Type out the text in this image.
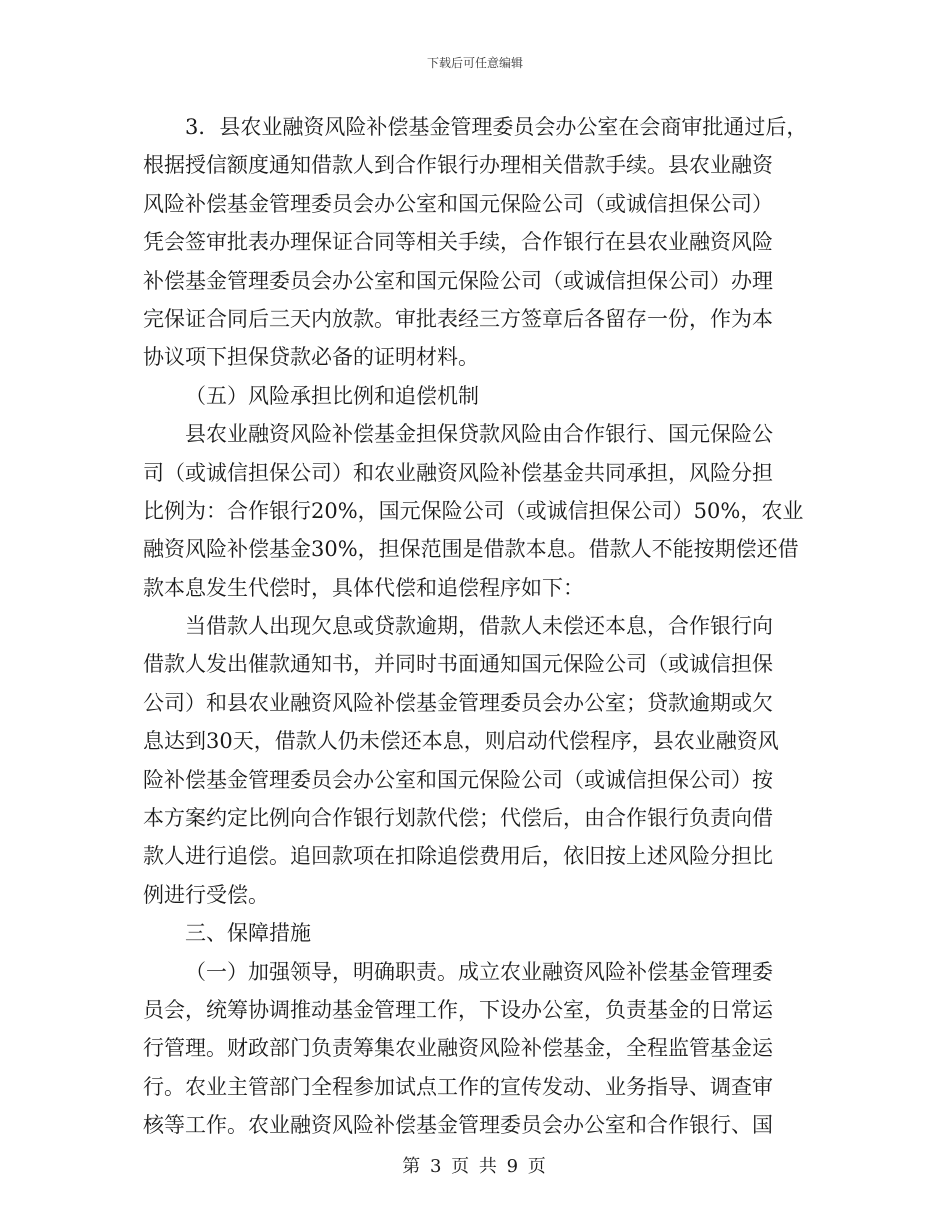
下载后可任意编辑
3．县农业融资风险补偿基金管理委员会办公室在会商审批通过后，
根据授信额度通知借款人到合作银行办理相关借款手续。县农业融资
风险补偿基金管理委员会办公室和国元保险公司（或诚信担保公司）
凭会签审批表办理保证合同等相关手续，合作银行在县农业融资风险
补偿基金管理委员会办公室和国元保险公司（或诚信担保公司）办理
完保证合同后三天内放款。审批表经三方签章后各留存一份，作为本
协议项下担保贷款必备的证明材料。
（五）风险承担比例和追偿机制
县农业融资风险补偿基金担保贷款风险由合作银行、国元保险公
司（或诚信担保公司）和农业融资风险补偿基金共同承担，风险分担
比例为：合作银行20%，国元保险公司（或诚信担保公司）50%，农业
融资风险补偿基金30%，担保范围是借款本息。借款人不能按期偿还借
款本息发生代偿时，具体代偿和追偿程序如下：
当借款人出现欠息或贷款逾期，借款人未偿还本息，合作银行向
借款人发出催款通知书，并同时书面通知国元保险公司（或诚信担保
公司）和县农业融资风险补偿基金管理委员会办公室；贷款逾期或欠
息达到30天，借款人仍未偿还本息，则启动代偿程序，县农业融资风
险补偿基金管理委员会办公室和国元保险公司（或诚信担保公司）按
本方案约定比例向合作银行划款代偿；代偿后，由合作银行负责向借
款人进行追偿。追回款项在扣除追偿费用后，依旧按上述风险分担比
例进行受偿。
三、保障措施
（一）加强领导，明确职责。成立农业融资风险补偿基金管理委
员会，统筹协调推动基金管理工作，下设办公室，负责基金的日常运
行管理。财政部门负责筹集农业融资风险补偿基金，全程监管基金运
行。农业主管部门全程参加试点工作的宣传发动、业务指导、调查审
核等工作。农业融资风险补偿基金管理委员会办公室和合作银行、国
第 3 页 共 9 页
